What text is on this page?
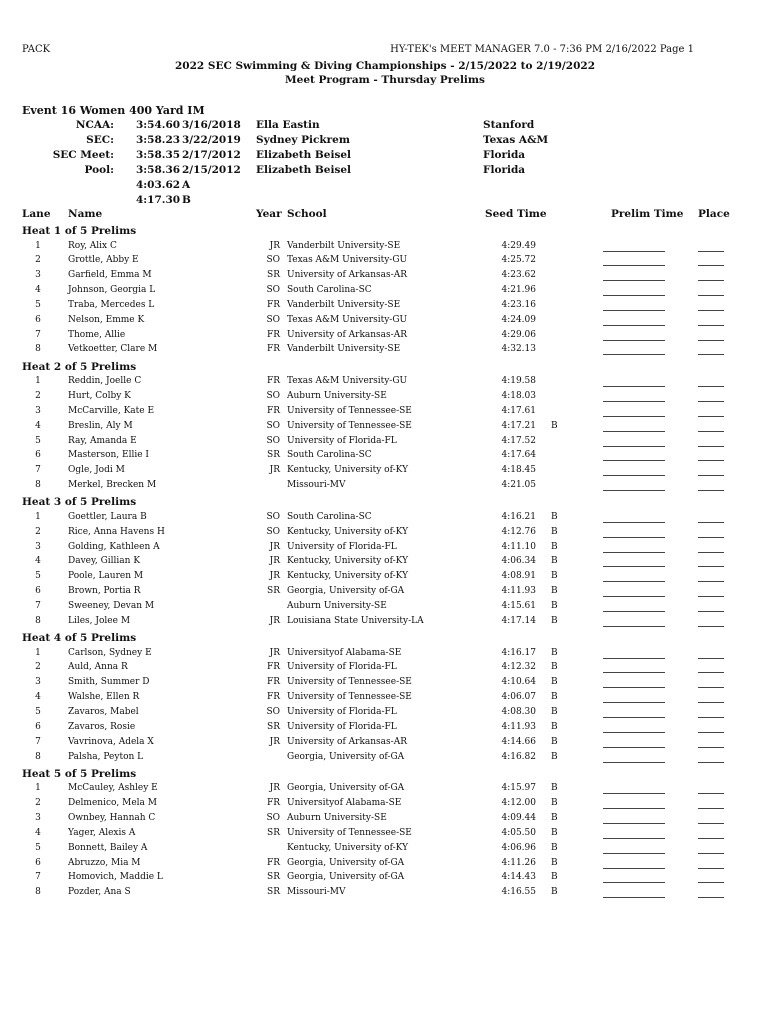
PACK	HY-TEK's MEET MANAGER 7.0 - 7:36 PM 2/16/2022 Page 1
2022 SEC Swimming & Diving Championships - 2/15/2022 to 2/19/2022
Meet Program - Thursday Prelims
Event 16 Women 400 Yard IM
NCAA: 3:54.60 3/16/2018 Ella Eastin	Stanford
SEC: 3:58.23 3/22/2019 Sydney Pickrem	Texas A&M
SEC Meet: 3:58.35 2/17/2012 Elizabeth Beisel	Florida
Pool: 3:58.36 2/15/2012 Elizabeth Beisel	Florida
4:03.62 A
4:17.30 B
Lane Name	Year School	Seed Time	Prelim Time Place
Heat 1 of 5 Prelims
1	Roy, Alix C	JR Vanderbilt University-SE	4:29.49
2	Grottle, Abby E	SO Texas A&M University-GU	4:25.72
3	Garfield, Emma M	SR University of Arkansas-AR	4:23.62
4	Johnson, Georgia L	SO South Carolina-SC	4:21.96
5	Traba, Mercedes L	FR Vanderbilt University-SE	4:23.16
6	Nelson, Emme K	SO Texas A&M University-GU	4:24.09
7	Thome, Allie	FR University of Arkansas-AR	4:29.06
8	Vetkoetter, Clare M	FR Vanderbilt University-SE	4:32.13
Heat 2 of 5 Prelims
1	Reddin, Joelle C	FR Texas A&M University-GU	4:19.58
2	Hurt, Colby K	SO Auburn University-SE	4:18.03
3	McCarville, Kate E	FR University of Tennessee-SE	4:17.61
4	Breslin, Aly M	SO University of Tennessee-SE	4:17.21 B
5	Ray, Amanda E	SO University of Florida-FL	4:17.52
6	Masterson, Ellie I	SR South Carolina-SC	4:17.64
7	Ogle, Jodi M	JR Kentucky, University of-KY	4:18.45
8	Merkel, Brecken M	Missouri-MV	4:21.05
Heat 3 of 5 Prelims
1	Goettler, Laura B	SO South Carolina-SC	4:16.21 B
2	Rice, Anna Havens H	SO Kentucky, University of-KY	4:12.76 B
3	Golding, Kathleen A	JR University of Florida-FL	4:11.10 B
4	Davey, Gillian K	JR Kentucky, University of-KY	4:06.34 B
5	Poole, Lauren M	JR Kentucky, University of-KY	4:08.91 B
6	Brown, Portia R	SR Georgia, University of-GA	4:11.93 B
7	Sweeney, Devan M	Auburn University-SE	4:15.61 B
8	Liles, Jolee M	JR Louisiana State University-LA	4:17.14 B
Heat 4 of 5 Prelims
1	Carlson, Sydney E	JR Universityof Alabama-SE	4:16.17 B
2	Auld, Anna R	FR University of Florida-FL	4:12.32 B
3	Smith, Summer D	FR University of Tennessee-SE	4:10.64 B
4	Walshe, Ellen R	FR University of Tennessee-SE	4:06.07 B
5	Zavaros, Mabel	SO University of Florida-FL	4:08.30 B
6	Zavaros, Rosie	SR University of Florida-FL	4:11.93 B
7	Vavrinova, Adela X	JR University of Arkansas-AR	4:14.66 B
8	Palsha, Peyton L	Georgia, University of-GA	4:16.82 B
Heat 5 of 5 Prelims
1	McCauley, Ashley E	JR Georgia, University of-GA	4:15.97 B
2	Delmenico, Mela M	FR Universityof Alabama-SE	4:12.00 B
3	Ownbey, Hannah C	SO Auburn University-SE	4:09.44 B
4	Yager, Alexis A	SR University of Tennessee-SE	4:05.50 B
5	Bonnett, Bailey A	Kentucky, University of-KY	4:06.96 B
6	Abruzzo, Mia M	FR Georgia, University of-GA	4:11.26 B
7	Homovich, Maddie L	SR Georgia, University of-GA	4:14.43 B
8	Pozder, Ana S	SR Missouri-MV	4:16.55 B
